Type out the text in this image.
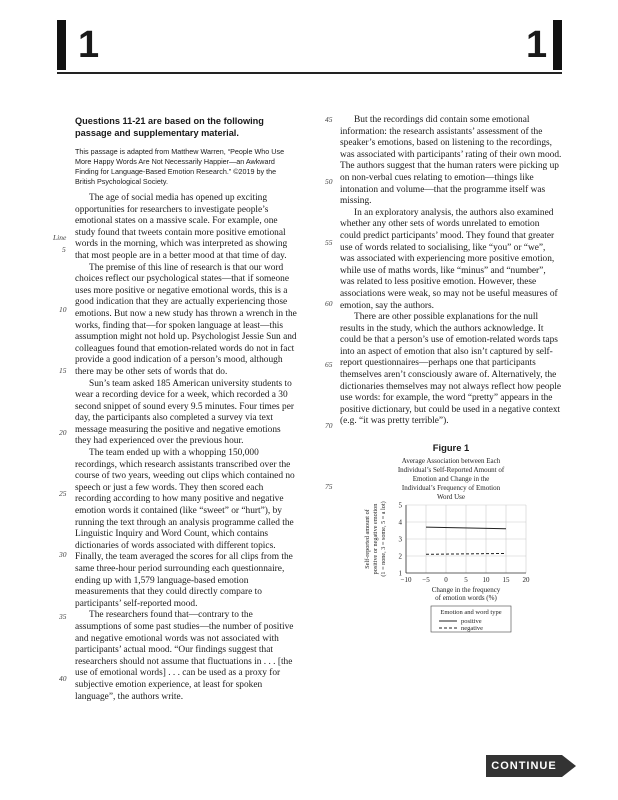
1	1

Questions 11-21 are based on the following passage and supplementary material.

This passage is adapted from Matthew Warren, “People Who Use More Happy Words Are Not Necessarily Happier—an Awkward Finding for Language-Based Emotion Research.” ©2019 by the British Psychological Society.

The age of social media has opened up exciting opportunities for researchers to investigate people’s emotional states on a massive scale. For example, one study found that tweets contain more positive emotional words in the morning, which was interpreted as showing that most people are in a better mood at that time of day.

The premise of this line of research is that our word choices reflect our psychological states—that if someone uses more positive or negative emotional words, this is a good indication that they are actually experiencing those emotions. But now a new study has thrown a wrench in the works, finding that—for spoken language at least—this assumption might not hold up. Psychologist Jessie Sun and colleagues found that emotion-related words do not in fact provide a good indication of a person’s mood, although there may be other sets of words that do.

Sun’s team asked 185 American university students to wear a recording device for a week, which recorded a 30 second snippet of sound every 9.5 minutes. Four times per day, the participants also completed a survey via text message measuring the positive and negative emotions they had experienced over the previous hour.

The team ended up with a whopping 150,000 recordings, which research assistants transcribed over the course of two years, weeding out clips which contained no speech or just a few words. They then scored each recording according to how many positive and negative emotion words it contained (like “sweet” or “hurt”), by running the text through an analysis programme called the Linguistic Inquiry and Word Count, which contains dictionaries of words associated with different topics. Finally, the team averaged the scores for all clips from the same three-hour period surrounding each questionnaire, ending up with 1,579 language-based emotion measurements that they could directly compare to participants’ self-reported mood.

The researchers found that—contrary to the assumptions of some past studies—the number of positive and negative emotional words was not associated with participants’ actual mood. “Our findings suggest that researchers should not assume that fluctuations in . . . [the use of emotional words] . . . can be used as a proxy for subjective emotion experience, at least for spoken language”, the authors write.

Line
5
10
15
20
25
30
35
40
45
50
55
60
65
70
75

But the recordings did contain some emotional information: the research assistants’ assessment of the speaker’s emotions, based on listening to the recordings, was associated with participants’ rating of their own mood. The authors suggest that the human raters were picking up on non-verbal cues relating to emotion—things like intonation and volume—that the programme itself was missing.

In an exploratory analysis, the authors also examined whether any other sets of words unrelated to emotion could predict participants’ mood. They found that greater use of words related to socialising, like “you” or “we”, was associated with experiencing more positive emotion, while use of maths words, like “minus” and “number”, was related to less positive emotion. However, these associations were weak, so may not be useful measures of emotion, say the authors.

There are other possible explanations for the null results in the study, which the authors acknowledge. It could be that a person’s use of emotion-related words taps into an aspect of emotion that also isn’t captured by self-report questionnaires—perhaps one that participants themselves aren’t consciously aware of. Alternatively, the dictionaries themselves may not always reflect how people use words: for example, the word “pretty” appears in the positive dictionary, but could be used in a negative context (e.g. “it was pretty terrible”).

Figure 1
Average Association between Each
Individual’s Self-Reported Amount of
Emotion and Change in the
Individual’s Frequency of Emotion
Word Use
1
2
3
4
5
−10 −5 0 5 10 15 20
Self-reported amount of positive or negative emotion (1 = none, 3 = some, 5 = a lot)
Change in the frequency
of emotion words (%)
Emotion and word type
positive
negative
CONTINUE
